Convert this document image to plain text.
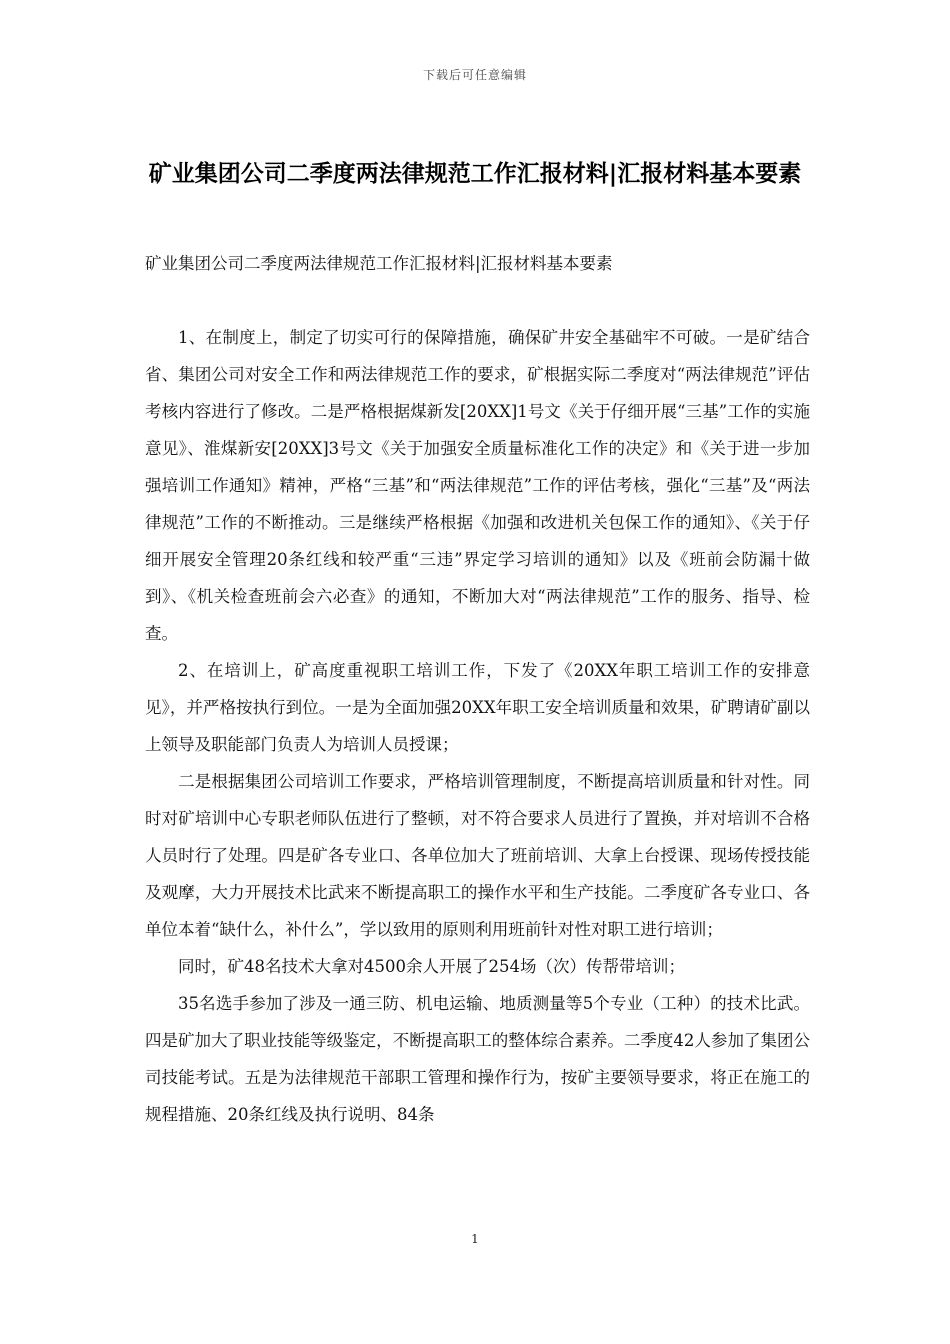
下载后可任意编辑
矿业集团公司二季度两法律规范工作汇报材料|汇报材料基本要素
矿业集团公司二季度两法律规范工作汇报材料|汇报材料基本要素

1、在制度上，制定了切实可行的保障措施，确保矿井安全基础牢不可破。一是矿结合省、集团公司对安全工作和两法律规范工作的要求，矿根据实际二季度对“两法律规范”评估考核内容进行了修改。二是严格根据煤新发[20XX]1号文《关于仔细开展“三基”工作的实施意见》、淮煤新安[20XX]3号文《关于加强安全质量标准化工作的决定》和《关于进一步加强培训工作通知》精神，严格“三基”和“两法律规范”工作的评估考核，强化“三基”及“两法律规范”工作的不断推动。三是继续严格根据《加强和改进机关包保工作的通知》、《关于仔细开展安全管理20条红线和较严重“三违”界定学习培训的通知》以及《班前会防漏十做到》、《机关检查班前会六必查》的通知，不断加大对“两法律规范”工作的服务、指导、检查。

2、在培训上，矿高度重视职工培训工作，下发了《20XX年职工培训工作的安排意见》，并严格按执行到位。一是为全面加强20XX年职工安全培训质量和效果，矿聘请矿副以上领导及职能部门负责人为培训人员授课；

二是根据集团公司培训工作要求，严格培训管理制度，不断提高培训质量和针对性。同时对矿培训中心专职老师队伍进行了整顿，对不符合要求人员进行了置换，并对培训不合格人员时行了处理。四是矿各专业口、各单位加大了班前培训、大拿上台授课、现场传授技能及观摩，大力开展技术比武来不断提高职工的操作水平和生产技能。二季度矿各专业口、各单位本着“缺什么，补什么”，学以致用的原则利用班前针对性对职工进行培训；

同时，矿48名技术大拿对4500余人开展了254场（次）传帮带培训；

35名选手参加了涉及一通三防、机电运输、地质测量等5个专业（工种）的技术比武。四是矿加大了职业技能等级鉴定，不断提高职工的整体综合素养。二季度42人参加了集团公司技能考试。五是为法律规范干部职工管理和操作行为，按矿主要领导要求，将正在施工的规程措施、20条红线及执行说明、84条

1
